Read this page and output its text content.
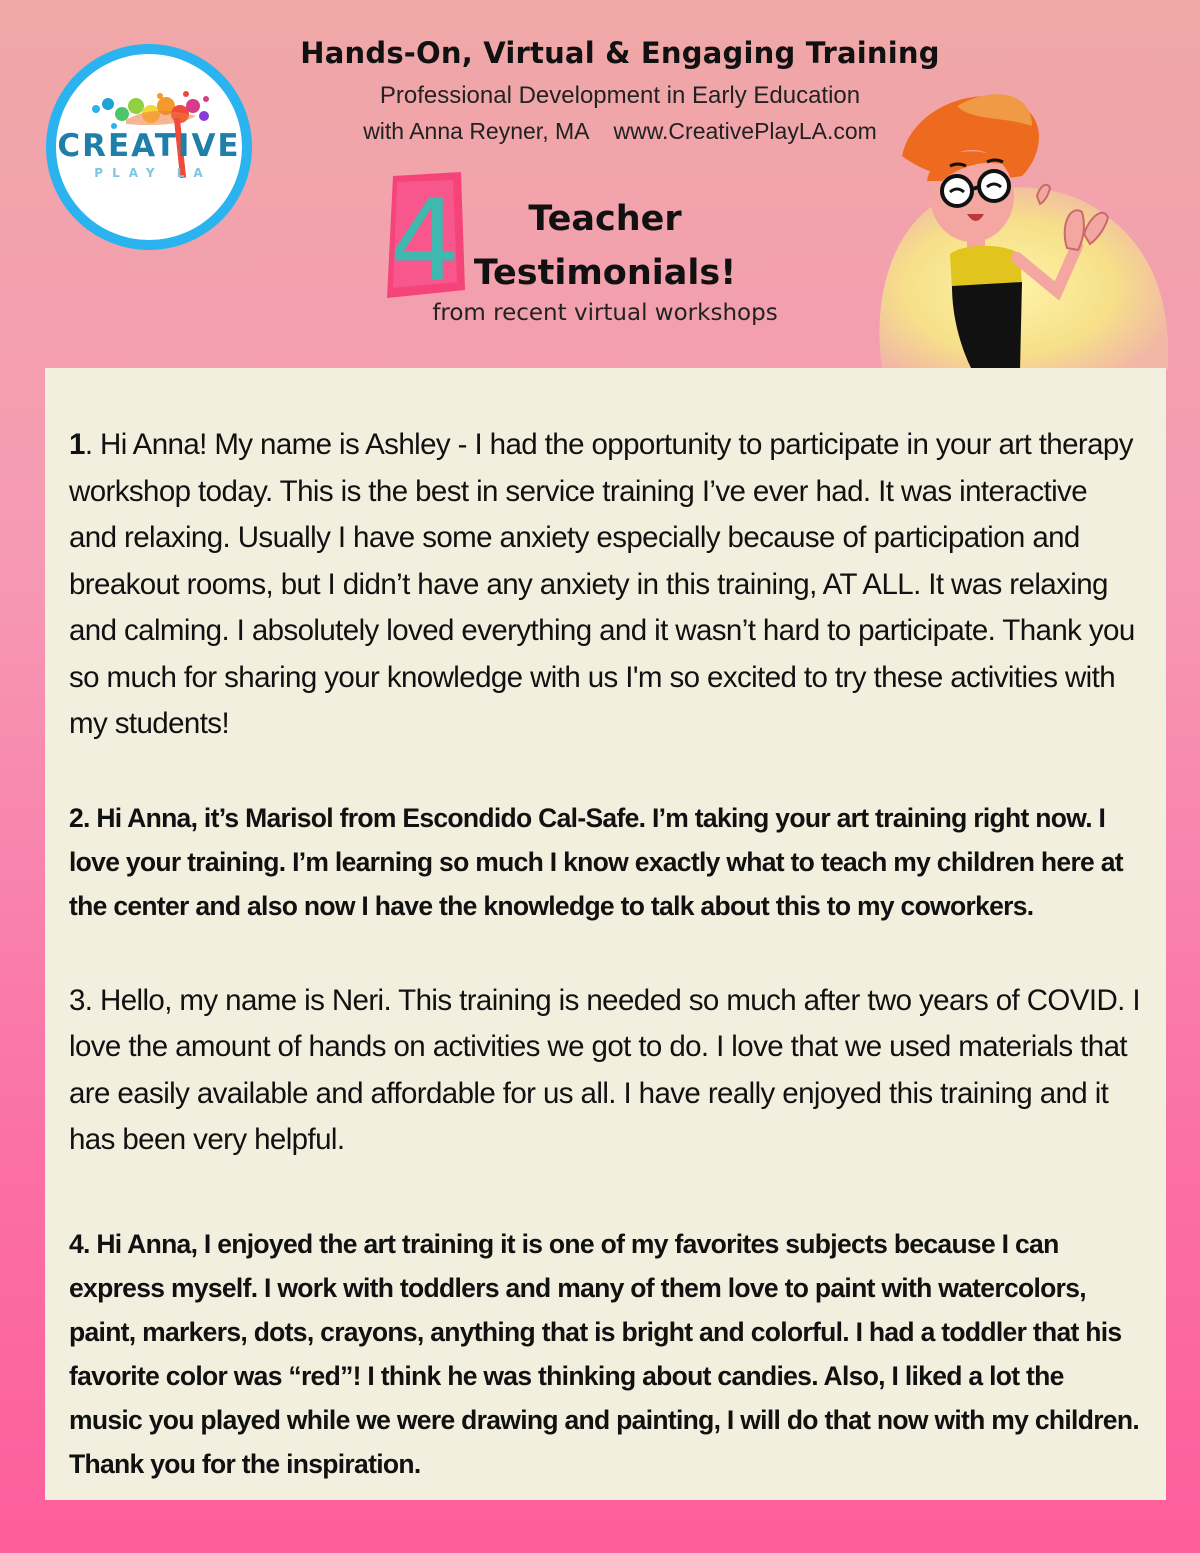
CREATIVE
PLAY LA
Hands-On, Virtual & Engaging Training
Professional Development in Early Education
with Anna Reyner, MA www.CreativePlayLA.com
4	Teacher
Testimonials!
from recent virtual workshops

1. Hi Anna! My name is Ashley - I had the opportunity to participate in your art therapy workshop today. This is the best in service training I’ve ever had. It was interactive and relaxing. Usually I have some anxiety especially because of participation and breakout rooms, but I didn’t have any anxiety in this training, AT ALL. It was relaxing and calming. I absolutely loved everything and it wasn’t hard to participate. Thank you so much for sharing your knowledge with us I'm so excited to try these activities with my students!

2. Hi Anna, it’s Marisol from Escondido Cal-Safe. I’m taking your art training right now. I love your training. I’m learning so much I know exactly what to teach my children here at the center and also now I have the knowledge to talk about this to my coworkers.

3. Hello, my name is Neri. This training is needed so much after two years of COVID. I love the amount of hands on activities we got to do. I love that we used materials that are easily available and affordable for us all. I have really enjoyed this training and it has been very helpful.

4. Hi Anna, I enjoyed the art training it is one of my favorites subjects because I can express myself. I work with toddlers and many of them love to paint with watercolors, paint, markers, dots, crayons, anything that is bright and colorful. I had a toddler that his favorite color was “red”! I think he was thinking about candies. Also, I liked a lot the music you played while we were drawing and painting, I will do that now with my children. Thank you for the inspiration.
